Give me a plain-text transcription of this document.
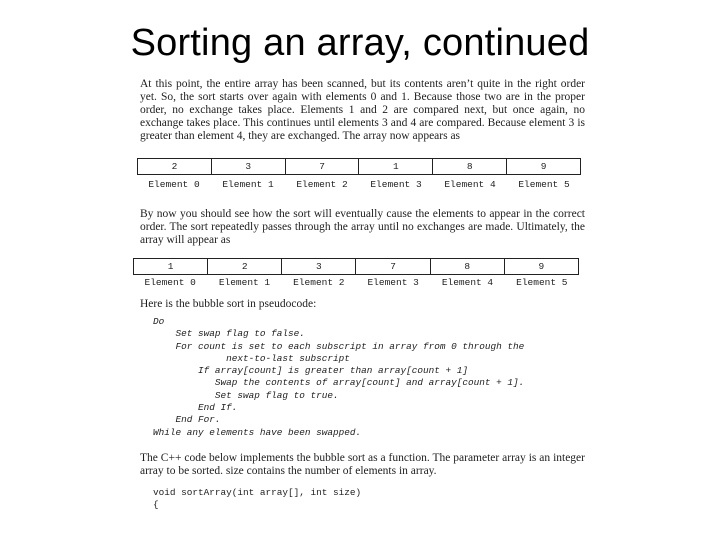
Sorting an array, continued

At this point, the entire array has been scanned, but its contents aren’t quite in the right order yet. So, the sort starts over again with elements 0 and 1. Because those two are in the proper order, no exchange takes place. Elements 1 and 2 are compared next, but once again, no exchange takes place. This continues until elements 3 and 4 are compared. Because element 3 is greater than element 4, they are exchanged. The array now appears as

2	3	7	1	8	9
Element 0	Element 1	Element 2	Element 3	Element 4	Element 5

By now you should see how the sort will eventually cause the elements to appear in the correct order. The sort repeatedly passes through the array until no exchanges are made. Ultimately, the array will appear as

1	2	3	7	8	9
Element 0	Element 1	Element 2	Element 3	Element 4	Element 5

Here is the bubble sort in pseudocode:

Do
Set swap flag to false.
For count is set to each subscript in array from 0 through the
next-to-last subscript
If array[count] is greater than array[count + 1]
Swap the contents of array[count] and array[count + 1].
Set swap flag to true.
End If.
End For.
While any elements have been swapped.

The C++ code below implements the bubble sort as a function. The parameter array is an integer array to be sorted. size contains the number of elements in array.

void sortArray(int array[], int size)
{
